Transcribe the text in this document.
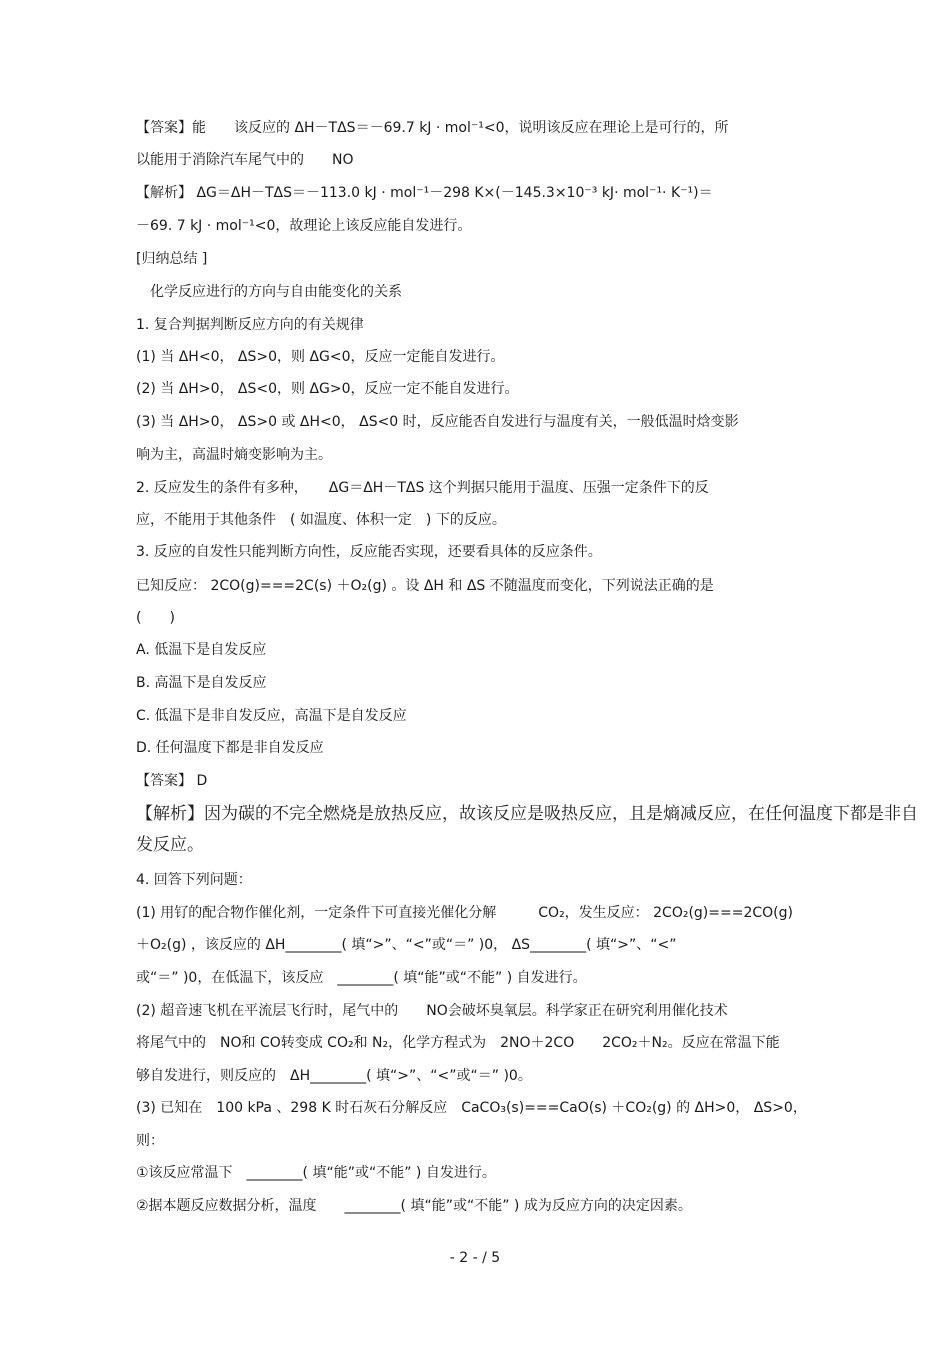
【答案】能　　该反应的 ΔH－TΔS＝－69.7 kJ · mol⁻¹<0，说明该反应在理论上是可行的，所
以能用于消除汽车尾气中的　　NO
【解析】 ΔG＝ΔH－TΔS＝－113.0 kJ · mol⁻¹－298 K×(－145.3×10⁻³ kJ· mol⁻¹· K⁻¹)＝
－69. 7 kJ · mol⁻¹<0，故理论上该反应能自发进行。
[归纳总结 ]
化学反应进行的方向与自由能变化的关系
1. 复合判据判断反应方向的有关规律
(1) 当 ΔH<0， ΔS>0，则 ΔG<0，反应一定能自发进行。
(2) 当 ΔH>0， ΔS<0，则 ΔG>0，反应一定不能自发进行。
(3) 当 ΔH>0， ΔS>0 或 ΔH<0， ΔS<0 时，反应能否自发进行与温度有关，一般低温时焓变影
响为主，高温时熵变影响为主。
2. 反应发生的条件有多种，　　ΔG＝ΔH－TΔS 这个判据只能用于温度、压强一定条件下的反
应，不能用于其他条件　( 如温度、体积一定　) 下的反应。
3. 反应的自发性只能判断方向性，反应能否实现，还要看具体的反应条件。
已知反应： 2CO(g)===2C(s) ＋O₂(g) 。设 ΔH 和 ΔS 不随温度而变化，下列说法正确的是
(　　)
A. 低温下是自发反应
B. 高温下是自发反应
C. 低温下是非自发反应，高温下是自发反应
D. 任何温度下都是非自发反应
【答案】 D
【解析】因为碳的不完全燃烧是放热反应，故该反应是吸热反应，且是熵减反应，在任何温度下都是非自
发反应。
4. 回答下列问题：
(1) 用钌的配合物作催化剂，一定条件下可直接光催化分解　　　CO₂，发生反应： 2CO₂(g)===2CO(g)
＋O₂(g) ，该反应的 ΔH________( 填“>”、“<”或“＝” )0， ΔS________( 填“>”、“<”
或“＝” )0，在低温下，该反应　________( 填“能”或“不能” ) 自发进行。
(2) 超音速飞机在平流层飞行时，尾气中的　　NO会破坏臭氧层。科学家正在研究利用催化技术
将尾气中的　NO和 CO转变成 CO₂和 N₂，化学方程式为　2NO＋2CO　　2CO₂＋N₂。反应在常温下能
够自发进行，则反应的　ΔH________( 填“>”、“<”或“＝” )0。
(3) 已知在　100 kPa 、298 K 时石灰石分解反应　CaCO₃(s)===CaO(s) ＋CO₂(g) 的 ΔH>0， ΔS>0，
则：
①该反应常温下　________( 填“能”或“不能” ) 自发进行。
②据本题反应数据分析，温度　　________( 填“能”或“不能” ) 成为反应方向的决定因素。
- 2 - / 5
